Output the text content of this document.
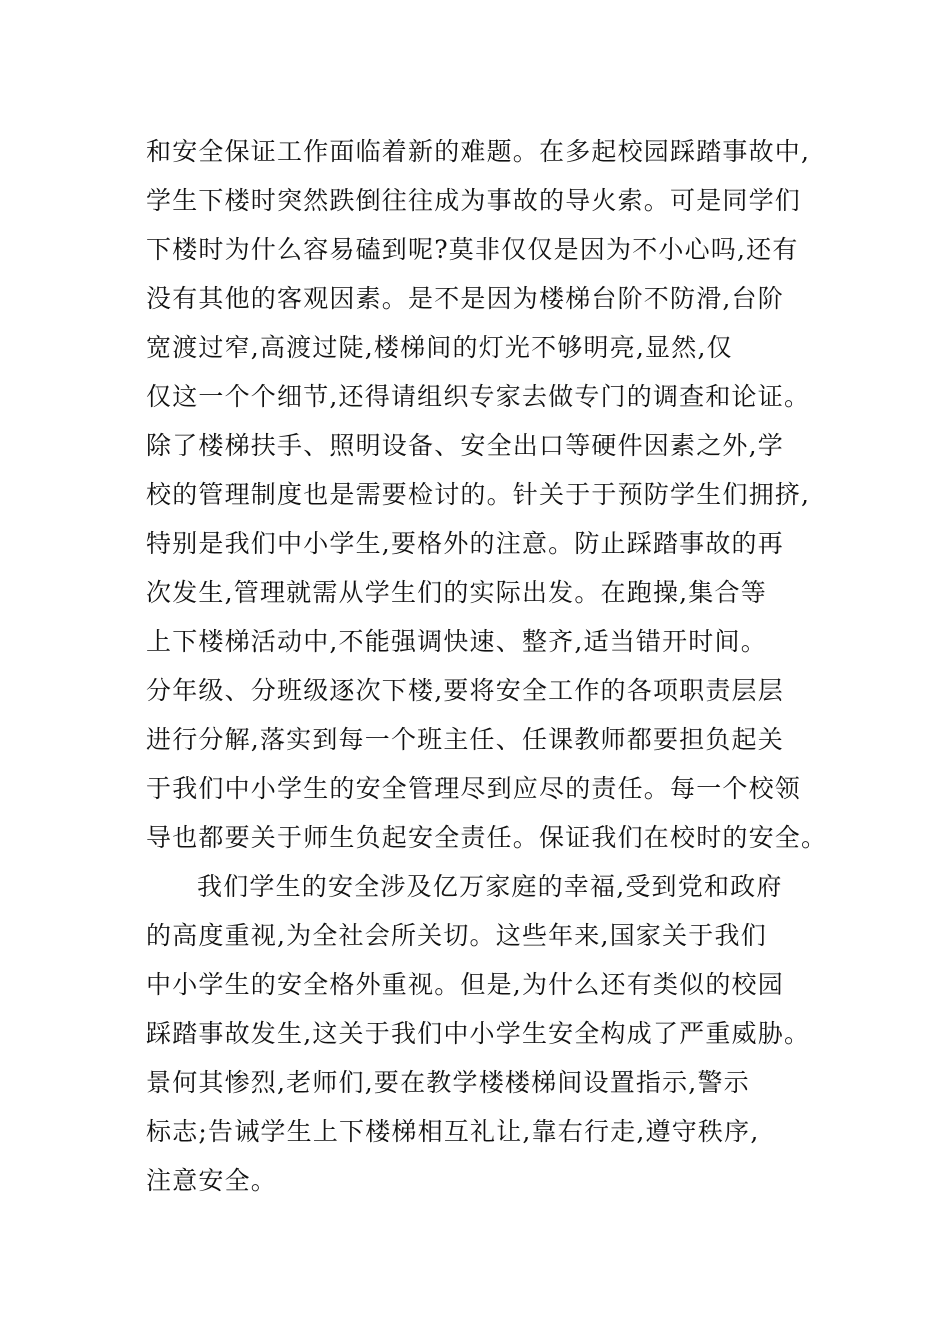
和安全保证工作面临着新的难题。在多起校园踩踏事故中,
学生下楼时突然跌倒往往成为事故的导火索。可是同学们
下楼时为什么容易磕到呢?莫非仅仅是因为不小心吗,还有
没有其他的客观因素。是不是因为楼梯台阶不防滑,台阶
宽渡过窄,高渡过陡,楼梯间的灯光不够明亮,显然,仅
仅这一个个细节,还得请组织专家去做专门的调查和论证。
除了楼梯扶手、照明设备、安全出口等硬件因素之外,学
校的管理制度也是需要检讨的。针关于于预防学生们拥挤,
特别是我们中小学生,要格外的注意。防止踩踏事故的再
次发生,管理就需从学生们的实际出发。在跑操,集合等
上下楼梯活动中,不能强调快速、整齐,适当错开时间。
分年级、分班级逐次下楼,要将安全工作的各项职责层层
进行分解,落实到每一个班主任、任课教师都要担负起关
于我们中小学生的安全管理尽到应尽的责任。每一个校领
导也都要关于师生负起安全责任。保证我们在校时的安全。
我们学生的安全涉及亿万家庭的幸福,受到党和政府
的高度重视,为全社会所关切。这些年来,国家关于我们
中小学生的安全格外重视。但是,为什么还有类似的校园
踩踏事故发生,这关于我们中小学生安全构成了严重威胁。
景何其惨烈,老师们,要在教学楼楼梯间设置指示,警示
标志;告诫学生上下楼梯相互礼让,靠右行走,遵守秩序,
注意安全。
